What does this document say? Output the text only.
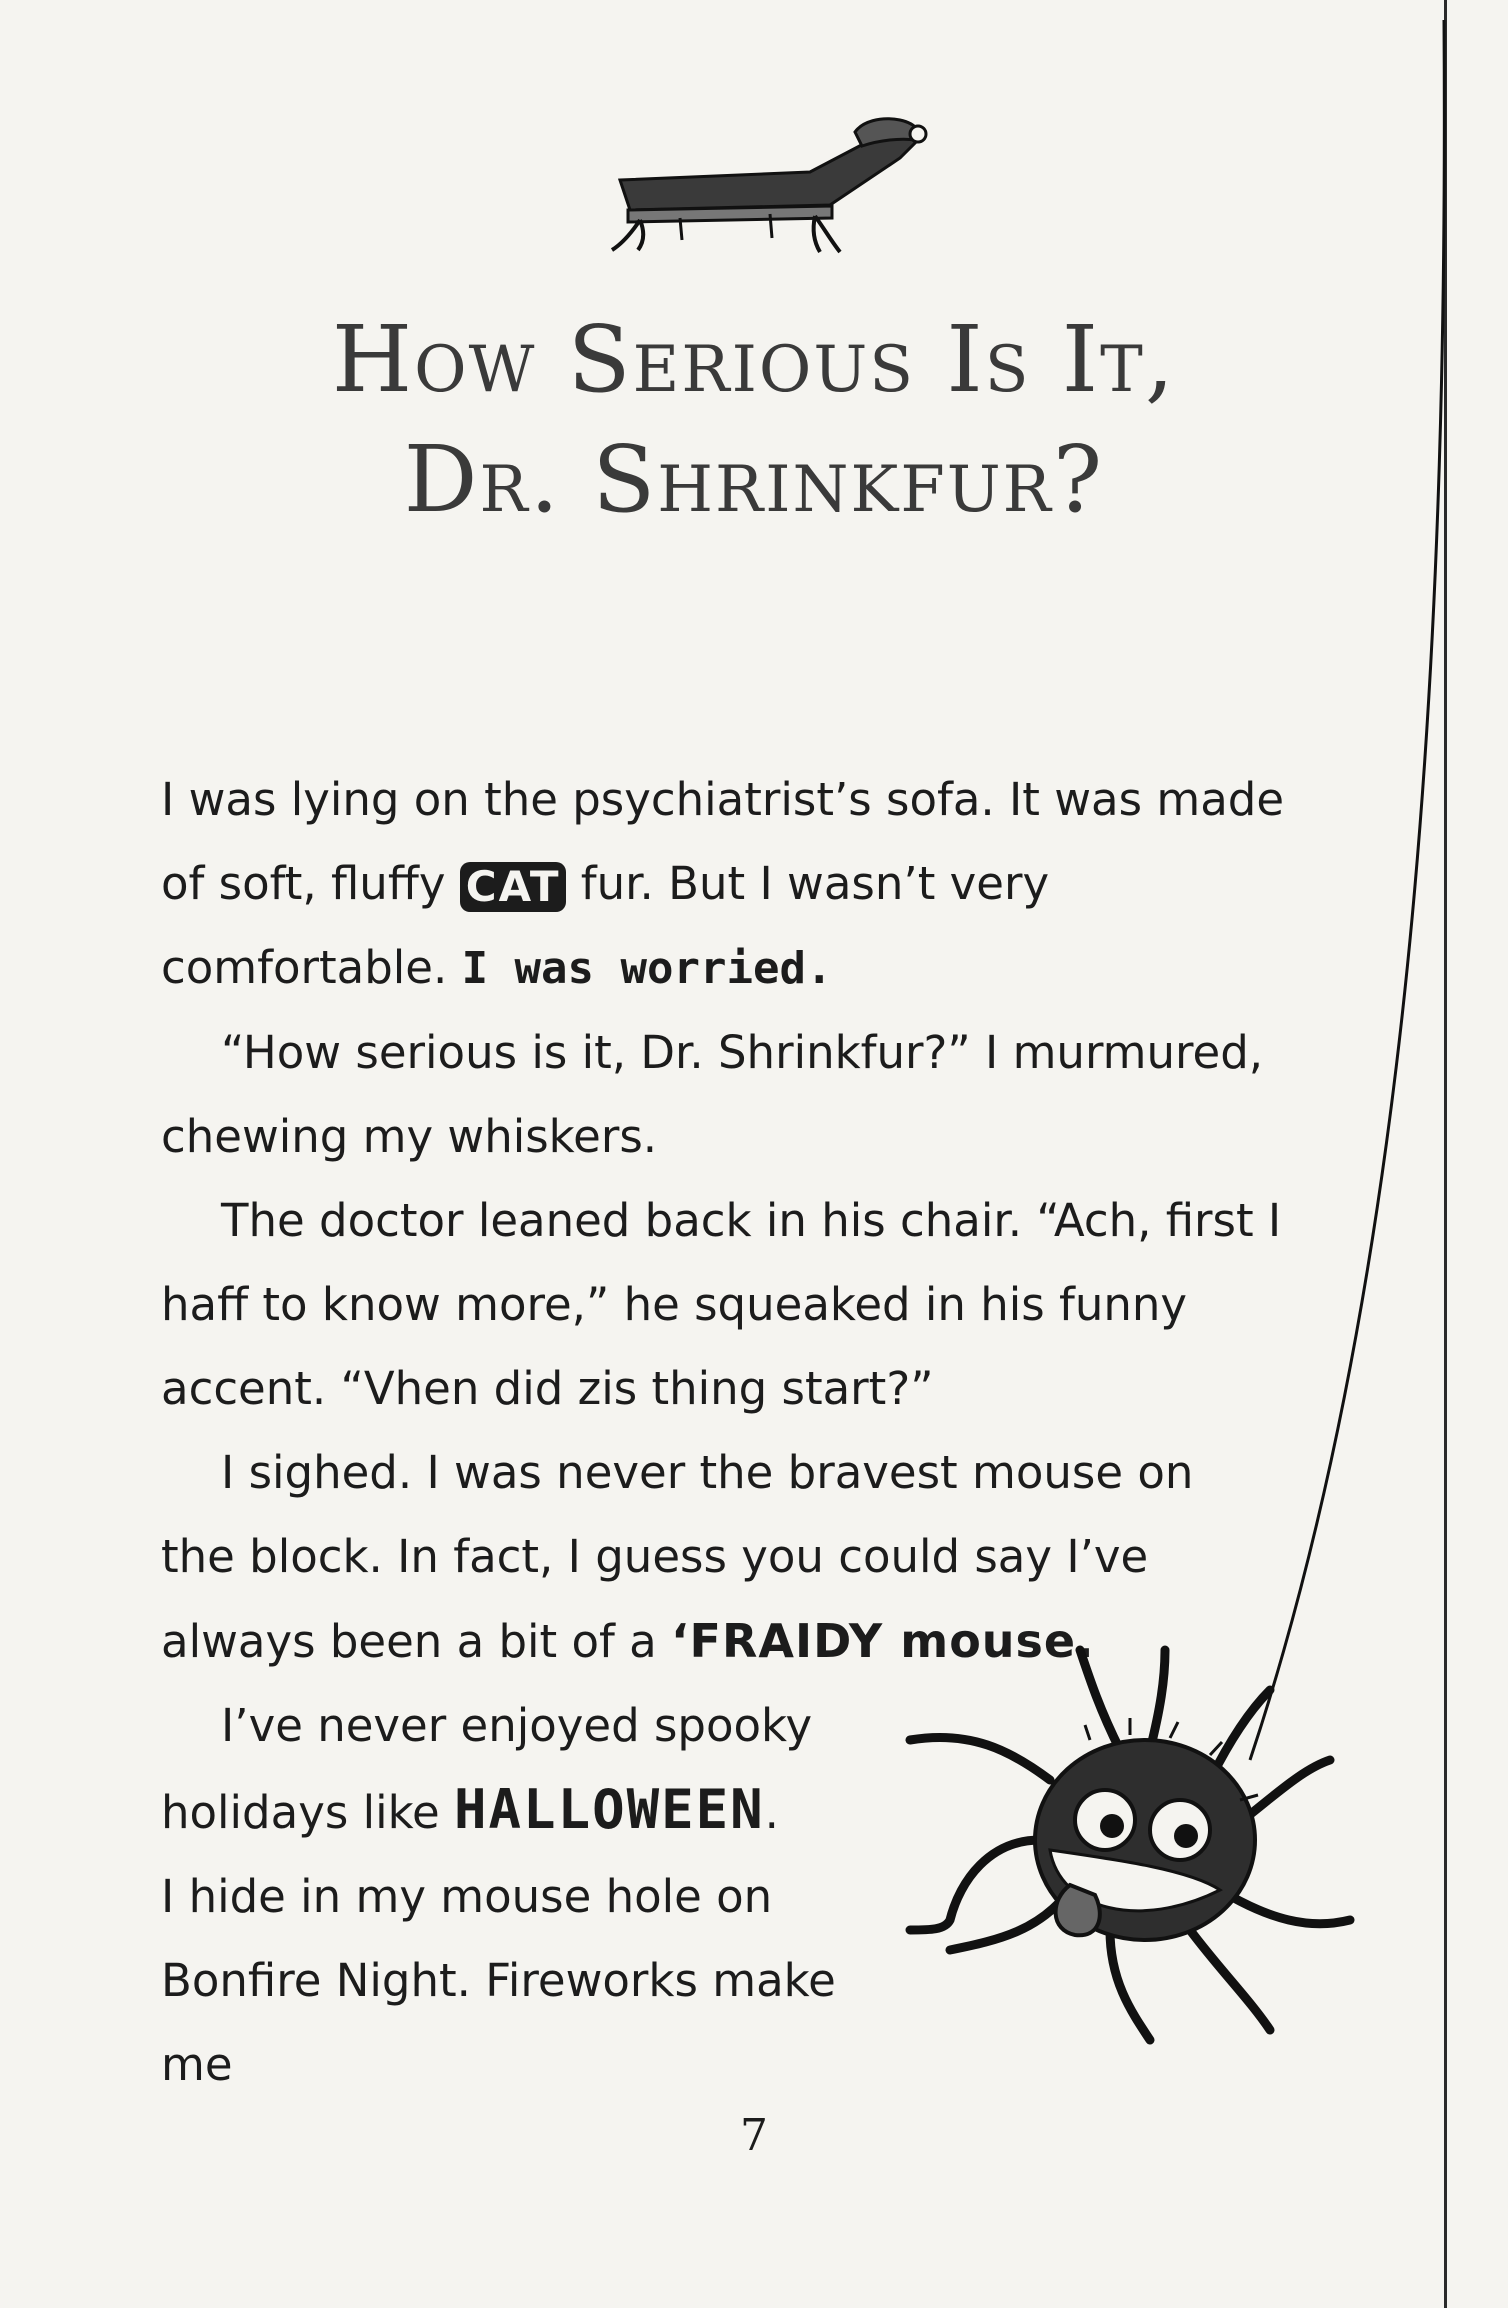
How Serious Is It,
Dr. Shrinkfur?

I was lying on the psychiatrist’s sofa. It was made of soft, fluffy CAT fur. But I wasn’t very comfortable. I was worried.

“How serious is it, Dr. Shrinkfur?” I murmured, chewing my whiskers.

The doctor leaned back in his chair. “Ach, first I haff to know more,” he squeaked in his funny accent. “Vhen did zis thing start?”

I sighed. I was never the bravest mouse on the block. In fact, I guess you could say I’ve always been a bit of a ‘FRAIDY mouse.

I’ve never enjoyed spooky holidays like HALLOWEEN.

I hide in my mouse hole on Bonfire Night. Fireworks make me

7
